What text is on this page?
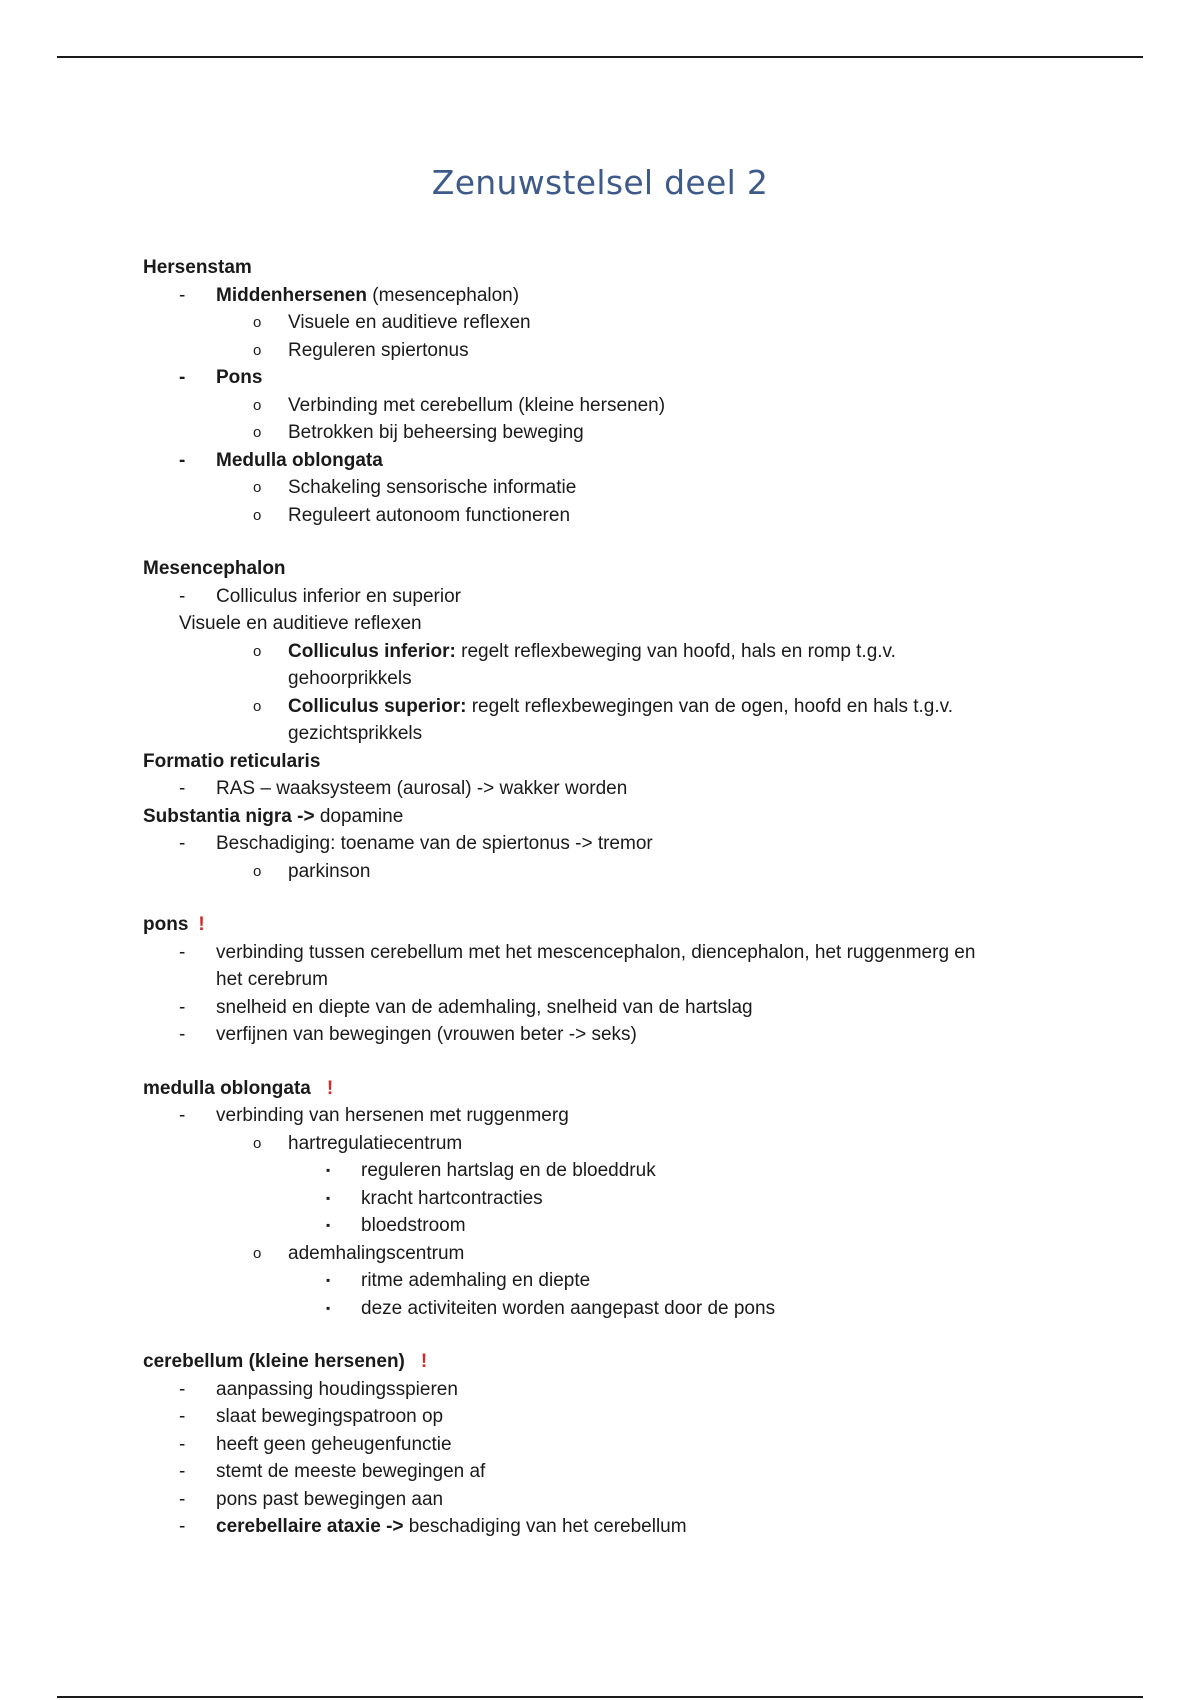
Zenuwstelsel deel 2
Hersenstam
- Middenhersenen (mesencephalon)
o Visuele en auditieve reflexen
o Reguleren spiertonus
- Pons
o Verbinding met cerebellum (kleine hersenen)
o Betrokken bij beheersing beweging
- Medulla oblongata
o Schakeling sensorische informatie
o Reguleert autonoom functioneren
Mesencephalon
- Colliculus inferior en superior
Visuele en auditieve reflexen
o Colliculus inferior: regelt reflexbeweging van hoofd, hals en romp t.g.v.
gehoorprikkels
o Colliculus superior: regelt reflexbewegingen van de ogen, hoofd en hals t.g.v.
gezichtsprikkels
Formatio reticularis
- RAS – waaksysteem (aurosal) -> wakker worden
Substantia nigra -> dopamine
- Beschadiging: toename van de spiertonus -> tremor
o parkinson
pons !
- verbinding tussen cerebellum met het mescencephalon, diencephalon, het ruggenmerg en
het cerebrum
- snelheid en diepte van de ademhaling, snelheid van de hartslag
- verfijnen van bewegingen (vrouwen beter -> seks)
medulla oblongata !
- verbinding van hersenen met ruggenmerg
o hartregulatiecentrum
▪ reguleren hartslag en de bloeddruk
▪ kracht hartcontracties
▪ bloedstroom
o ademhalingscentrum
▪ ritme ademhaling en diepte
▪ deze activiteiten worden aangepast door de pons
cerebellum (kleine hersenen) !
- aanpassing houdingsspieren
- slaat bewegingspatroon op
- heeft geen geheugenfunctie
- stemt de meeste bewegingen af
- pons past bewegingen aan
- cerebellaire ataxie -> beschadiging van het cerebellum
